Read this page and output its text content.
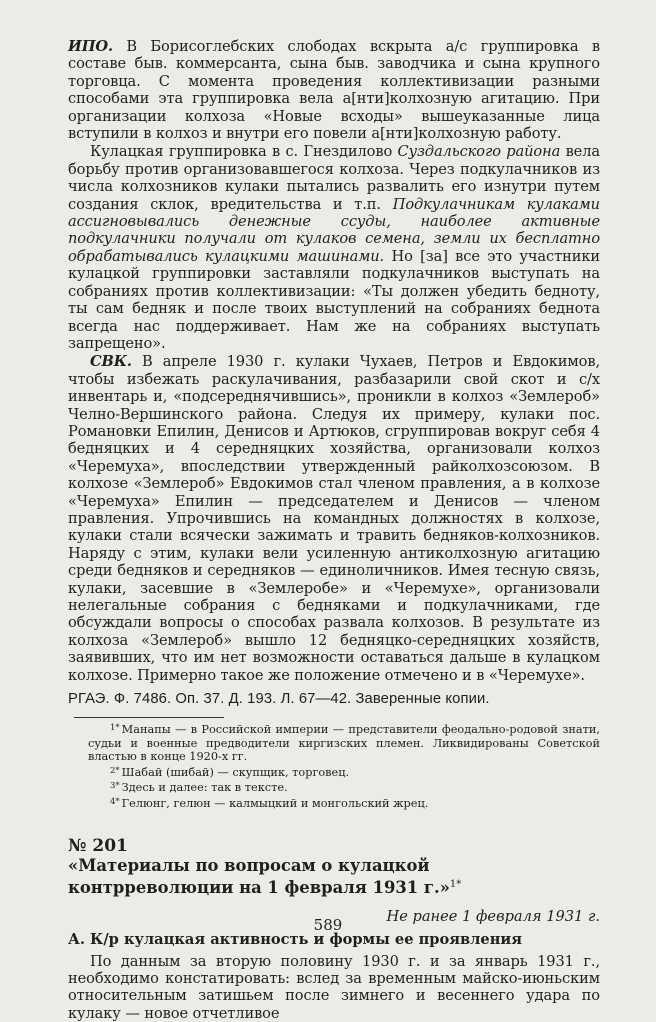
ИПО. В Борисоглебских слободах вскрыта а/с группировка в составе быв. коммерсанта, сына быв. заводчика и сына крупного торговца. С момента проведения коллективизации разными способами эта группировка вела а[нти]колхозную агитацию. При организации колхоза «Новые всходы» вышеуказанные лица вступили в колхоз и внутри его повели а[нти]колхозную работу.

Кулацкая группировка в с. Гнездилово Суздальского района вела борьбу против организовавшегося колхоза. Через подкулачников из числа колхозников кулаки пытались развалить его изнутри путем создания склок, вредительства и т.п. Подкулачникам кулаками ассигновывались денежные ссуды, наиболее активные подкулачники получали от кулаков семена, земли их бесплатно обрабатывались кулацкими машинами. Но [за] все это участники кулацкой группировки заставляли подкулачников выступать на собраниях против коллективизации: «Ты должен убедить бедноту, ты сам бедняк и после твоих выступлений на собраниях беднота всегда нас поддерживает. Нам же на собраниях выступать запрещено».

СВК. В апреле 1930 г. кулаки Чухаев, Петров и Евдокимов, чтобы избежать раскулачивания, разбазарили свой скот и с/х инвентарь и, «подсереднячившись», проникли в колхоз «Землероб» Челно-Вершинского района. Следуя их примеру, кулаки пос. Романовки Епилин, Денисов и Артюков, сгруппировав вокруг себя 4 бедняцких и 4 середняцких хозяйства, организовали колхоз «Черемуха», впоследствии утвержденный райколхозсоюзом. В колхозе «Землероб» Евдокимов стал членом правления, а в колхозе «Черемуха» Епилин — председателем и Денисов — членом правления. Упрочившись на командных должностях в колхозе, кулаки стали всячески зажимать и травить бедняков-колхозников. Наряду с этим, кулаки вели усиленную антиколхозную агитацию среди бедняков и середняков — единоличников. Имея тесную связь, кулаки, засевшие в «Землеробе» и «Черемухе», организовали нелегальные собрания с бедняками и подкулачниками, где обсуждали вопросы о способах развала колхозов. В результате из колхоза «Землероб» вышло 12 бедняцко-середняцких хозяйств, заявивших, что им нет возможности оставаться дальше в кулацком колхозе. Примерно такое же положение отмечено и в «Черемухе».

РГАЭ. Ф. 7486. Оп. 37. Д. 193. Л. 67—42. Заверенные копии.

$^{1*}$ Манапы — в Российской империи — представители феодально-родовой знати, судьи и военные предводители киргизских племен. Ликвидированы Советской властью в конце 1920-х гг.

$^{2*}$ Шабай (шибай) — скупщик, торговец.

$^{3*}$ Здесь и далее: так в тексте.

$^{4*}$ Гелюнг, гелюн — калмыцкий и монгольский жрец.

№ 201

«Материалы по вопросам о кулацкой контрреволюции на 1 февраля 1931 г.»$^{1*}$

Не ранее 1 февраля 1931 г.

А. К/р кулацкая активность и формы ее проявления

По данным за вторую половину 1930 г. и за январь 1931 г., необходимо констатировать: вслед за временным майско-июньским относительным затишьем после зимнего и весеннего удара по кулаку — новое отчетливое

589
